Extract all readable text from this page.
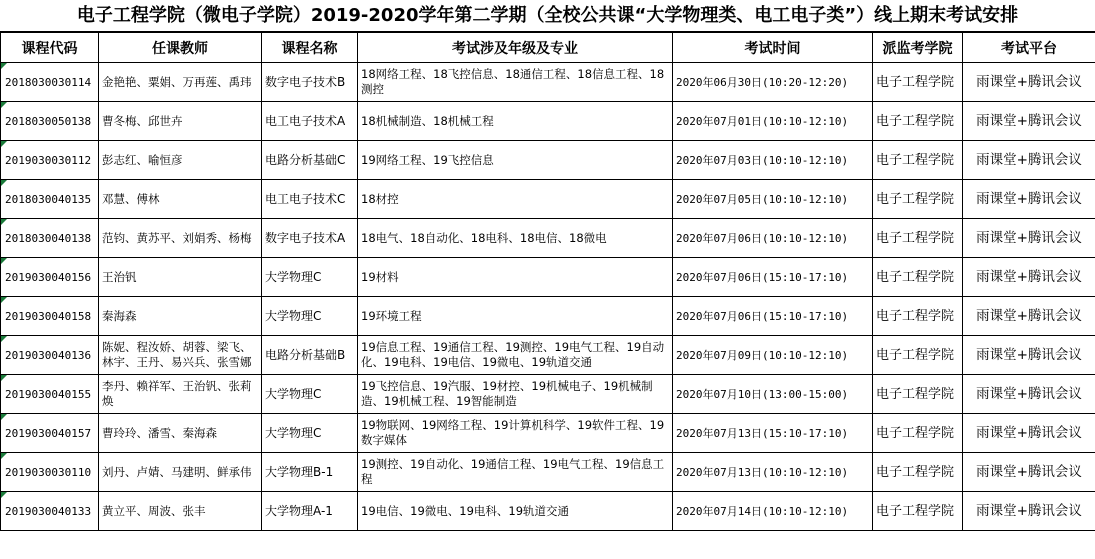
电子工程学院（微电子学院）2019-2020学年第二学期（全校公共课“大学物理类、电工电子类”）线上期末考试安排
课程代码	任课教师	课程名称	考试涉及年级及专业	考试时间	派监考学院	考试平台
2018030030114	金艳艳、粟娟、万再莲、禹玮	数字电子技术B	18网络工程、18飞控信息、18通信工程、18信息工程、18测控	2020年06月30日(10:20-12:20)	电子工程学院	雨课堂+腾讯会议
2018030050138	曹冬梅、邱世卉	电工电子技术A	18机械制造、18机械工程	2020年07月01日(10:10-12:10)	电子工程学院	雨课堂+腾讯会议
2019030030112	彭志红、喻恒彦	电路分析基础C	19网络工程、19飞控信息	2020年07月03日(10:10-12:10)	电子工程学院	雨课堂+腾讯会议
2018030040135	邓慧、傅林	电工电子技术C	18材控	2020年07月05日(10:10-12:10)	电子工程学院	雨课堂+腾讯会议
2018030040138	范钧、黄苏平、刘娟秀、杨梅	数字电子技术A	18电气、18自动化、18电科、18电信、18微电	2020年07月06日(10:10-12:10)	电子工程学院	雨课堂+腾讯会议
2019030040156	王治钒	大学物理C	19材料	2020年07月06日(15:10-17:10)	电子工程学院	雨课堂+腾讯会议
2019030040158	秦海森	大学物理C	19环境工程	2020年07月06日(15:10-17:10)	电子工程学院	雨课堂+腾讯会议
2019030040136	陈妮、程汝娇、胡蓉、梁飞、林宇、王丹、易兴兵、张雪娜	电路分析基础B	19信息工程、19通信工程、19测控、19电气工程、19自动化、19电科、19电信、19微电、19轨道交通	2020年07月09日(10:10-12:10)	电子工程学院	雨课堂+腾讯会议
2019030040155	李丹、赖祥军、王治钒、张莉焕	大学物理C	19飞控信息、19汽服、19材控、19机械电子、19机械制造、19机械工程、19智能制造	2020年07月10日(13:00-15:00)	电子工程学院	雨课堂+腾讯会议
2019030040157	曹玲玲、潘雪、秦海森	大学物理C	19物联网、19网络工程、19计算机科学、19软件工程、19数字媒体	2020年07月13日(15:10-17:10)	电子工程学院	雨课堂+腾讯会议
2019030030110	刘丹、卢婧、马建明、鲜承伟	大学物理B-1	19测控、19自动化、19通信工程、19电气工程、19信息工程	2020年07月13日(10:10-12:10)	电子工程学院	雨课堂+腾讯会议
2019030040133	黄立平、周波、张丰	大学物理A-1	19电信、19微电、19电科、19轨道交通	2020年07月14日(10:10-12:10)	电子工程学院	雨课堂+腾讯会议
